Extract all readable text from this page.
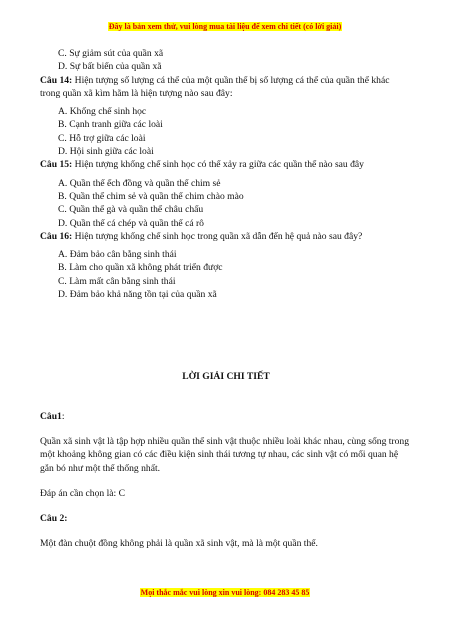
Đây là bản xem thử, vui lòng mua tài liệu để xem chi tiết (có lời giải)
C. Sự giảm sút của quần xã
D. Sự bất biến của quần xã

Câu 14: Hiện tượng số lượng cá thể của một quần thể bị số lượng cá thể của quần thể khác trong quần xã kìm hãm là hiện tượng nào sau đây:

A. Khống chế sinh học
B. Cạnh tranh giữa các loài
C. Hỗ trợ giữa các loài
D. Hội sinh giữa các loài

Câu 15: Hiện tượng khống chế sinh học có thể xảy ra giữa các quần thể nào sau đây

A. Quần thể ếch đồng và quần thể chim sẻ
B. Quần thể chim sẻ và quần thể chim chào mào
C. Quần thể gà và quần thể châu chấu
D. Quần thể cá chép và quần thể cá rô

Câu 16: Hiện tượng khống chế sinh học trong quần xã dẫn đến hệ quả nào sau đây?

A. Đảm bảo cân bằng sinh thái
B. Làm cho quần xã không phát triển được
C. Làm mất cân bằng sinh thái
D. Đảm bảo khả năng tồn tại của quần xã
LỜI GIẢI CHI TIẾT

Câu1:

Quần xã sinh vật là tập hợp nhiều quần thể sinh vật thuộc nhiều loài khác nhau, cùng sống trong một khoảng không gian có các điều kiện sinh thái tương tự nhau, các sinh vật có mối quan hệ gắn bó như một thể thống nhất.

Đáp án cần chọn là: C

Câu 2:

Một đàn chuột đồng không phải là quần xã sinh vật, mà là một quần thể.

Mọi thắc mắc vui lòng xin vui lòng: 084 283 45 85
